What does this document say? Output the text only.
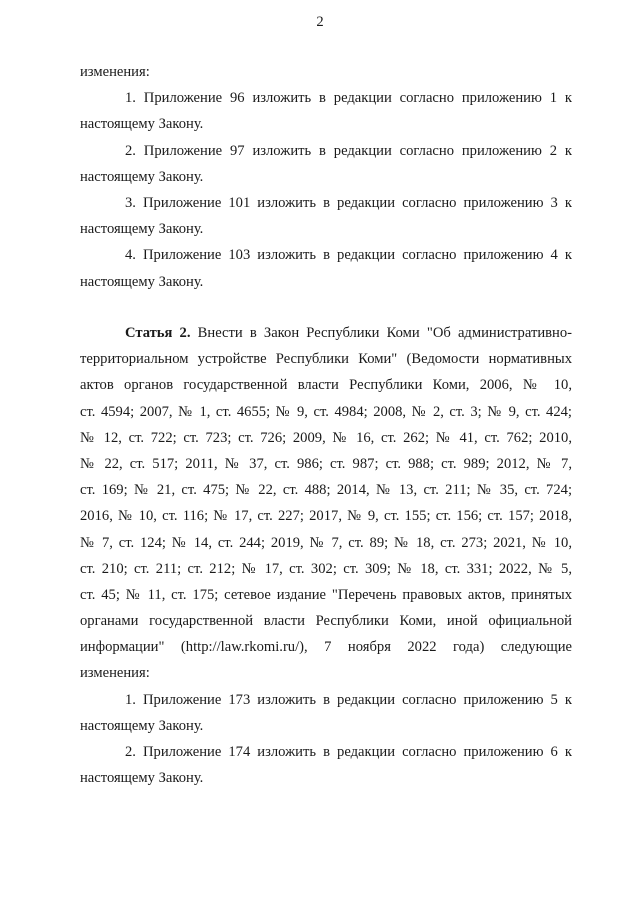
2
изменения:
1. Приложение 96 изложить в редакции согласно приложению 1 к
настоящему Закону.
2. Приложение 97 изложить в редакции согласно приложению 2 к
настоящему Закону.
3. Приложение 101 изложить в редакции согласно приложению 3 к
настоящему Закону.
4. Приложение 103 изложить в редакции согласно приложению 4 к
настоящему Закону.
Статья 2. Внести в Закон Республики Коми "Об административно-
территориальном устройстве Республики Коми" (Ведомости нормативных
актов органов государственной власти Республики Коми, 2006, № 10,
ст. 4594; 2007, № 1, ст. 4655; № 9, ст. 4984; 2008, № 2, ст. 3; № 9, ст. 424;
№ 12, ст. 722; ст. 723; ст. 726; 2009, № 16, ст. 262; № 41, ст. 762; 2010,
№ 22, ст. 517; 2011, № 37, ст. 986; ст. 987; ст. 988; ст. 989; 2012, № 7,
ст. 169; № 21, ст. 475; № 22, ст. 488; 2014, № 13, ст. 211; № 35, ст. 724;
2016, № 10, ст. 116; № 17, ст. 227; 2017, № 9, ст. 155; ст. 156; ст. 157; 2018,
№ 7, ст. 124; № 14, ст. 244; 2019, № 7, ст. 89; № 18, ст. 273; 2021, № 10,
ст. 210; ст. 211; ст. 212; № 17, ст. 302; ст. 309; № 18, ст. 331; 2022, № 5,
ст. 45; № 11, ст. 175; сетевое издание "Перечень правовых актов, принятых
органами государственной власти Республики Коми, иной официальной
информации" (http://law.rkomi.ru/), 7 ноября 2022 года) следующие
изменения:
1. Приложение 173 изложить в редакции согласно приложению 5 к
настоящему Закону.
2. Приложение 174 изложить в редакции согласно приложению 6 к
настоящему Закону.
